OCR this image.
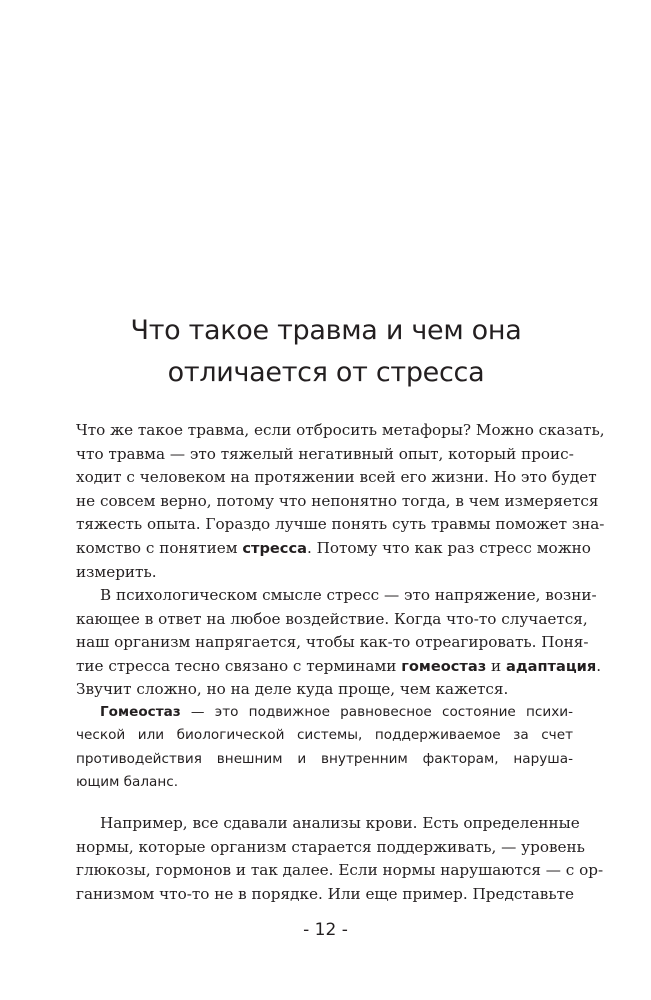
Что такое травма и чем она
отличается от стресса
Что же такое травма, если отбросить метафоры? Можно сказать,
что травма — это тяжелый негативный опыт, который проис-
ходит с человеком на протяжении всей его жизни. Но это будет
не совсем верно, потому что непонятно тогда, в чем измеряется
тяжесть опыта. Гораздо лучше понять суть травмы поможет зна-
комство с понятием стресса. Потому что как раз стресс можно
измерить.
В психологическом смысле стресс — это напряжение, возни-
кающее в ответ на любое воздействие. Когда что-то случается,
наш организм напрягается, чтобы как-то отреагировать. Поня-
тие стресса тесно связано с терминами гомеостаз и адаптация.
Звучит сложно, но на деле куда проще, чем кажется.
Гомеостаз — это подвижное равновесное состояние психи-
ческой или биологической системы, поддерживаемое за счет
противодействия внешним и внутренним факторам, наруша-
ющим баланс.
Например, все сдавали анализы крови. Есть определенные
нормы, которые организм старается поддерживать, — уровень
глюкозы, гормонов и так далее. Если нормы нарушаются — с ор-
ганизмом что-то не в порядке. Или еще пример. Представьте
- 12 -
